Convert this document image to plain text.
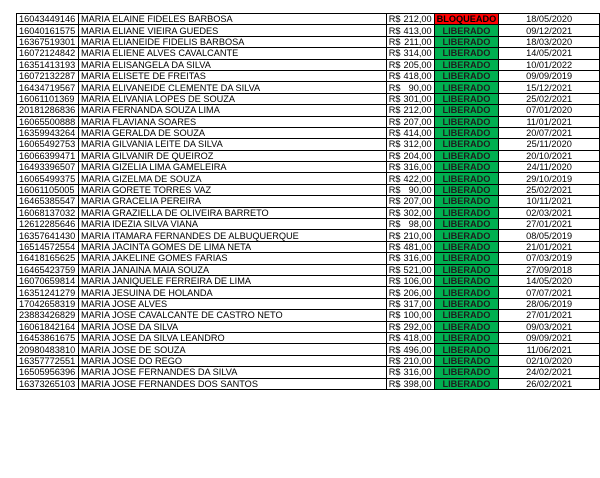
16043449146	MARIA ELAINE FIDELES BARBOSA	R$ 212,00	BLOQUEADO	18/05/2020
16040161575	MARIA ELIANE VIEIRA GUEDES	R$ 413,00	LIBERADO	09/12/2021
16367519301	MARIA ELIANEIDE FIDELIS BARBOSA	R$ 211,00	LIBERADO	18/03/2020
16072124842	MARIA ELIENE ALVES CAVALCANTE	R$ 314,00	LIBERADO	14/05/2021
16351413193	MARIA ELISANGELA DA SILVA	R$ 205,00	LIBERADO	10/01/2022
16072132287	MARIA ELISETE DE FREITAS	R$ 418,00	LIBERADO	09/09/2019
16434719567	MARIA ELIVANEIDE CLEMENTE DA SILVA	R$ 90,00	LIBERADO	15/12/2021
16061101369	MARIA ELIVANIA LOPES DE SOUZA	R$ 301,00	LIBERADO	25/02/2021
20181286836	MARIA FERNANDA SOUZA LIMA	R$ 212,00	LIBERADO	07/01/2020
16065500888	MARIA FLAVIANA SOARES	R$ 207,00	LIBERADO	11/01/2021
16359943264	MARIA GERALDA DE SOUZA	R$ 414,00	LIBERADO	20/07/2021
16065492753	MARIA GILVANIA LEITE DA SILVA	R$ 312,00	LIBERADO	25/11/2020
16066399471	MARIA GILVANIR DE QUEIROZ	R$ 204,00	LIBERADO	20/10/2021
16493396507	MARIA GIZELIA LIMA GAMELEIRA	R$ 316,00	LIBERADO	24/11/2020
16065499375	MARIA GIZELMA DE SOUZA	R$ 422,00	LIBERADO	29/10/2019
16061105005	MARIA GORETE TORRES VAZ	R$ 90,00	LIBERADO	25/02/2021
16465385547	MARIA GRACELIA PEREIRA	R$ 207,00	LIBERADO	10/11/2021
16068137032	MARIA GRAZIELLA DE OLIVEIRA BARRETO	R$ 302,00	LIBERADO	02/03/2021
12612285646	MARIA IDEZIA SILVA VIANA	R$ 98,00	LIBERADO	27/01/2021
16357641430	MARIA ITAMARA FERNANDES DE ALBUQUERQUE	R$ 210,00	LIBERADO	08/05/2019
16514572554	MARIA JACINTA GOMES DE LIMA NETA	R$ 481,00	LIBERADO	21/01/2021
16418165625	MARIA JAKELINE GOMES FARIAS	R$ 316,00	LIBERADO	07/03/2019
16465423759	MARIA JANAINA MAIA SOUZA	R$ 521,00	LIBERADO	27/09/2018
16070659814	MARIA JANIQUELE FERREIRA DE LIMA	R$ 106,00	LIBERADO	14/05/2020
16351241279	MARIA JESUINA DE HOLANDA	R$ 206,00	LIBERADO	07/07/2021
17042658319	MARIA JOSE ALVES	R$ 317,00	LIBERADO	28/06/2019
23883426829	MARIA JOSE CAVALCANTE DE CASTRO NETO	R$ 100,00	LIBERADO	27/01/2021
16061842164	MARIA JOSE DA SILVA	R$ 292,00	LIBERADO	09/03/2021
16453861675	MARIA JOSE DA SILVA LEANDRO	R$ 418,00	LIBERADO	09/09/2021
20980483810	MARIA JOSE DE SOUZA	R$ 496,00	LIBERADO	11/06/2021
16357772551	MARIA JOSE DO REGO	R$ 210,00	LIBERADO	02/10/2020
16505956396	MARIA JOSE FERNANDES DA SILVA	R$ 316,00	LIBERADO	24/02/2021
16373265103	MARIA JOSE FERNANDES DOS SANTOS	R$ 398,00	LIBERADO	26/02/2021
